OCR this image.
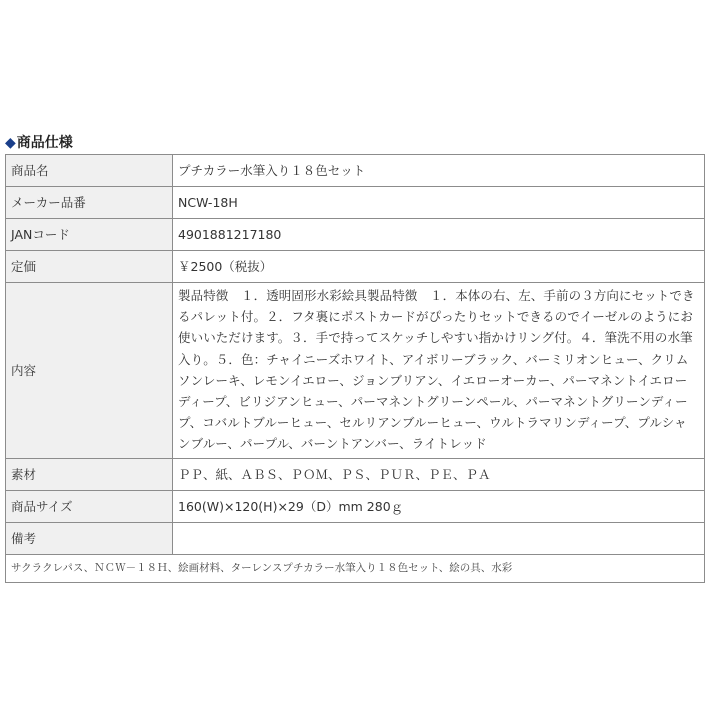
◆商品仕様
商品名	プチカラー水筆入り１８色セット
メーカー品番	NCW-18H
JANコード	4901881217180
定価	￥2500（税抜）
内容	製品特徴　１．透明固形水彩絵具製品特徴　１．本体の右、左、手前の３方向にセットできるパレット付。２．フタ裏にポストカードがぴったりセットできるのでイーゼルのようにお使いいただけます。３．手で持ってスケッチしやすい指かけリング付。４．筆洗不用の水筆入り。５．色：チャイニーズホワイト、アイボリーブラック、バーミリオンヒュー、クリムソンレーキ、レモンイエロー、ジョンブリアン、イエローオーカー、パーマネントイエローディープ、ビリジアンヒュー、パーマネントグリーンペール、パーマネントグリーンディープ、コバルトブルーヒュー、セルリアンブルーヒュー、ウルトラマリンディープ、プルシャンブルー、パープル、バーントアンバー、ライトレッド
素材	ＰＰ、紙、ＡＢＳ、ＰＯＭ、ＰＳ、ＰＵＲ、ＰＥ、ＰＡ
商品サイズ	160(W)×120(H)×29（D）mm 280ｇ
備考	
サクラクレパス、ＮＣＷ－１８Ｈ、絵画材料、ターレンスプチカラー水筆入り１８色セット、絵の具、水彩	
